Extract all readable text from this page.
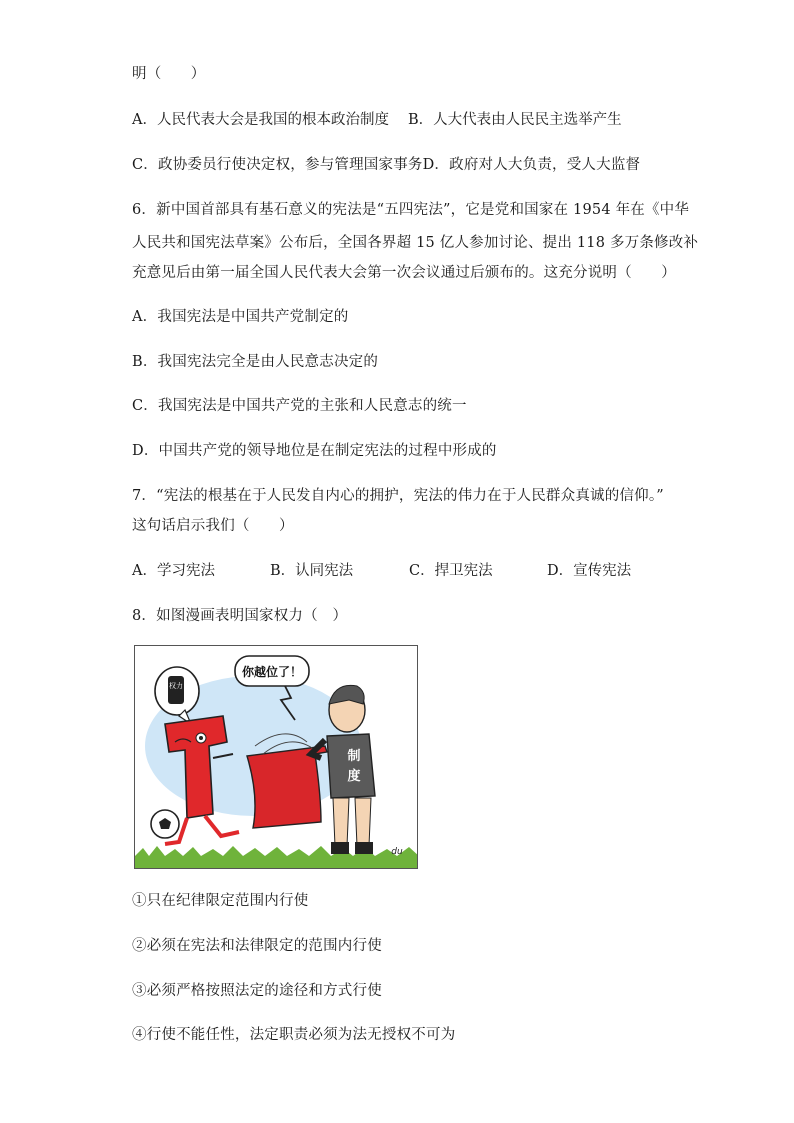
明（　　）
A．人民代表大会是我国的根本政治制度 B．人大代表由人民民主选举产生
C．政协委员行使决定权，参与管理国家事务D．政府对人大负责，受人大监督
6．新中国首部具有基石意义的宪法是“五四宪法”，它是党和国家在 1954 年在《中华
人民共和国宪法草案》公布后，全国各界超 15 亿人参加讨论、提出 118 多万条修改补
充意见后由第一届全国人民代表大会第一次会议通过后颁布的。这充分说明（　　）
A．我国宪法是中国共产党制定的
B．我国宪法完全是由人民意志决定的
C．我国宪法是中国共产党的主张和人民意志的统一
D．中国共产党的领导地位是在制定宪法的过程中形成的
7．“宪法的根基在于人民发自内心的拥护，宪法的伟力在于人民群众真诚的信仰。”
这句话启示我们（　　）
A．学习宪法	B．认同宪法	C．捍卫宪法	D．宣传宪法
8．如图漫画表明国家权力（　）
你越位了！
权力
制
度
du
①只在纪律限定范围内行使
②必须在宪法和法律限定的范围内行使
③必须严格按照法定的途径和方式行使
④行使不能任性，法定职责必须为法无授权不可为
